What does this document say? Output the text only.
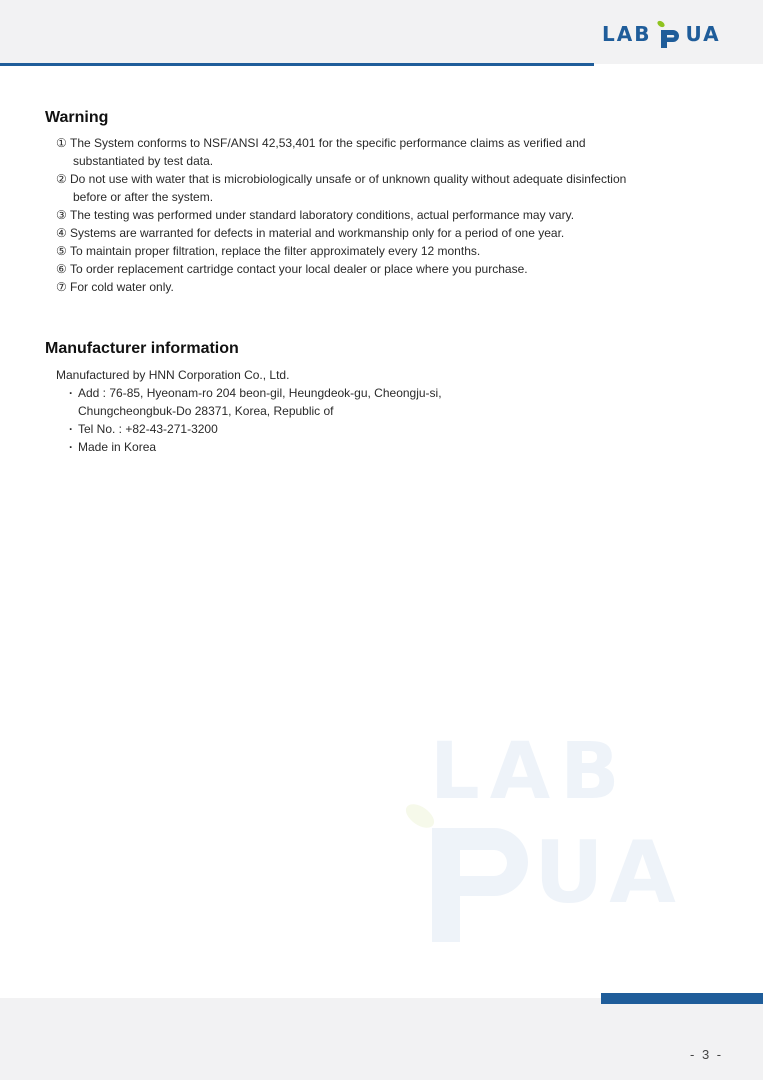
LAB UA
Warning
① The System conforms to NSF/ANSI 42,53,401 for the specific performance claims as verified and
substantiated by test data.
② Do not use with water that is microbiologically unsafe or of unknown quality without adequate disinfection
before or after the system.
③ The testing was performed under standard laboratory conditions, actual performance may vary.
④ Systems are warranted for defects in material and workmanship only for a period of one year.
⑤ To maintain proper filtration, replace the filter approximately every 12 months.
⑥ To order replacement cartridge contact your local dealer or place where you purchase.
⑦ For cold water only.
Manufacturer information
Manufactured by HNN Corporation Co., Ltd.
· Add : 76-85, Hyeonam-ro 204 beon-gil, Heungdeok-gu, Cheongju-si,
Chungcheongbuk-Do 28371, Korea, Republic of
· Tel No. : +82-43-271-3200
· Made in Korea
LAB
UA
- 3 -
